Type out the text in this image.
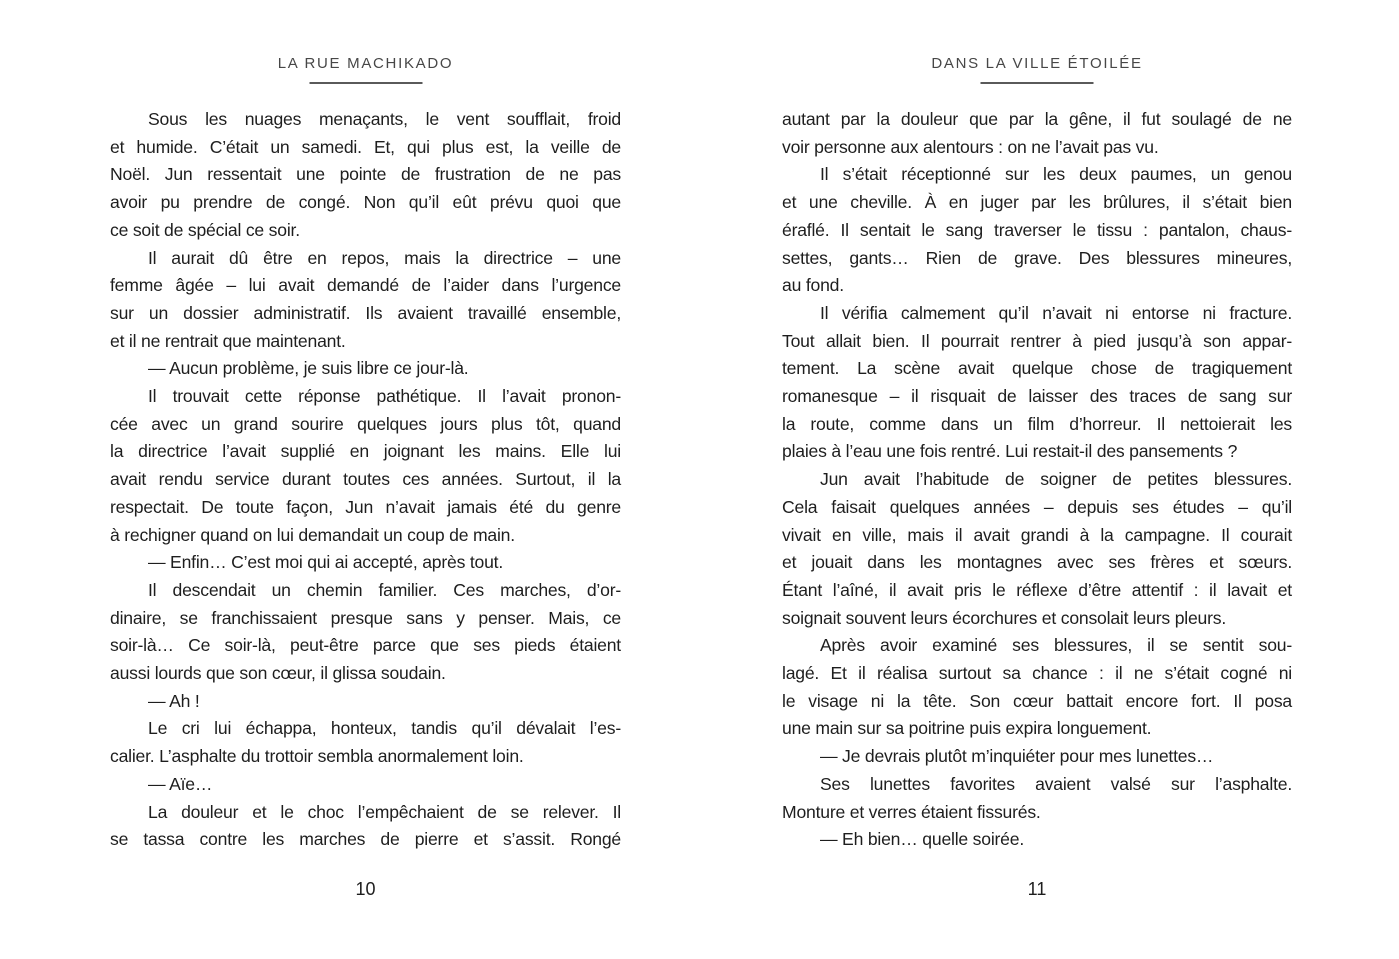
LA RUE MACHIKADO
Sous les nuages menaçants, le vent soufflait, froid
et humide. C’était un samedi. Et, qui plus est, la veille de
Noël. Jun ressentait une pointe de frustration de ne pas
avoir pu prendre de congé. Non qu’il eût prévu quoi que
ce soit de spécial ce soir.
Il aurait dû être en repos, mais la directrice – une
femme âgée – lui avait demandé de l’aider dans l’urgence
sur un dossier administratif. Ils avaient travaillé ensemble,
et il ne rentrait que maintenant.
— Aucun problème, je suis libre ce jour-là.
Il trouvait cette réponse pathétique. Il l’avait pronon-
cée avec un grand sourire quelques jours plus tôt, quand
la directrice l’avait supplié en joignant les mains. Elle lui
avait rendu service durant toutes ces années. Surtout, il la
respectait. De toute façon, Jun n’avait jamais été du genre
à rechigner quand on lui demandait un coup de main.
— Enfin… C’est moi qui ai accepté, après tout.
Il descendait un chemin familier. Ces marches, d’or-
dinaire, se franchissaient presque sans y penser. Mais, ce
soir-là… Ce soir-là, peut-être parce que ses pieds étaient
aussi lourds que son cœur, il glissa soudain.
— Ah !
Le cri lui échappa, honteux, tandis qu’il dévalait l’es-
calier. L’asphalte du trottoir sembla anormalement loin.
— Aïe…
La douleur et le choc l’empêchaient de se relever. Il
se tassa contre les marches de pierre et s’assit. Rongé
10
DANS LA VILLE ÉTOILÉE
autant par la douleur que par la gêne, il fut soulagé de ne
voir personne aux alentours : on ne l’avait pas vu.
Il s’était réceptionné sur les deux paumes, un genou
et une cheville. À en juger par les brûlures, il s’était bien
éraflé. Il sentait le sang traverser le tissu : pantalon, chaus-
settes, gants… Rien de grave. Des blessures mineures,
au fond.
Il vérifia calmement qu’il n’avait ni entorse ni fracture.
Tout allait bien. Il pourrait rentrer à pied jusqu’à son appar-
tement. La scène avait quelque chose de tragiquement
romanesque – il risquait de laisser des traces de sang sur
la route, comme dans un film d’horreur. Il nettoierait les
plaies à l’eau une fois rentré. Lui restait-il des pansements ?
Jun avait l’habitude de soigner de petites blessures.
Cela faisait quelques années – depuis ses études – qu’il
vivait en ville, mais il avait grandi à la campagne. Il courait
et jouait dans les montagnes avec ses frères et sœurs.
Étant l’aîné, il avait pris le réflexe d’être attentif : il lavait et
soignait souvent leurs écorchures et consolait leurs pleurs.
Après avoir examiné ses blessures, il se sentit sou-
lagé. Et il réalisa surtout sa chance : il ne s’était cogné ni
le visage ni la tête. Son cœur battait encore fort. Il posa
une main sur sa poitrine puis expira longuement.
— Je devrais plutôt m’inquiéter pour mes lunettes…
Ses lunettes favorites avaient valsé sur l’asphalte.
Monture et verres étaient fissurés.
— Eh bien… quelle soirée.
11
